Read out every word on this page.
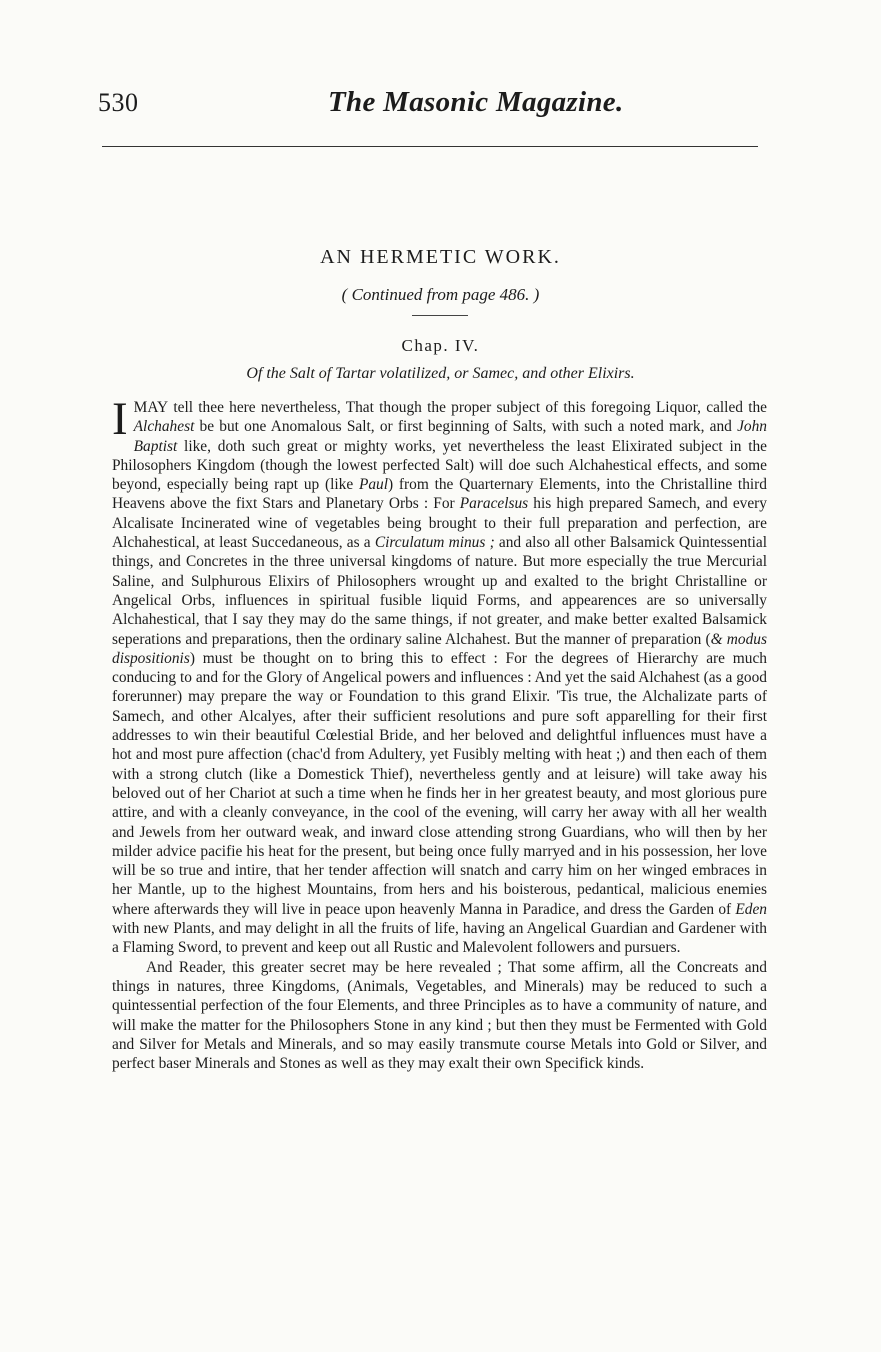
530	The Masonic Magazine.
AN HERMETIC WORK.
( Continued from page 486. )
Chap. IV.
Of the Salt of Tartar volatilized, or Samec, and other Elixirs.

IMAY tell thee here nevertheless, That though the proper subject of this foregoing Liquor, called the Alchahest be but one Anomalous Salt, or first beginning of Salts, with such a noted mark, and John Baptist like, doth such great or mighty works, yet nevertheless the least Elixirated subject in the Philosophers Kingdom (though the lowest perfected Salt) will doe such Alchahestical effects, and some beyond, especially being rapt up (like Paul) from the Quarternary Elements, into the Christalline third Heavens above the fixt Stars and Planetary Orbs : For Paracelsus his high prepared Samech, and every Alcalisate Incinerated wine of vegetables being brought to their full preparation and perfection, are Alchahestical, at least Succedaneous, as a Circulatum minus ; and also all other Balsamick Quintessential things, and Concretes in the three universal kingdoms of nature. But more especially the true Mercurial Saline, and Sulphurous Elixirs of Philosophers wrought up and exalted to the bright Christalline or Angelical Orbs, influences in spiritual fusible liquid Forms, and appearences are so universally Alchahestical, that I say they may do the same things, if not greater, and make better exalted Balsamick seperations and preparations, then the ordinary saline Alchahest. But the manner of preparation (& modus dispositionis) must be thought on to bring this to effect : For the degrees of Hierarchy are much conducing to and for the Glory of Angelical powers and influences : And yet the said Alchahest (as a good forerunner) may prepare the way or Foundation to this grand Elixir. 'Tis true, the Alchalizate parts of Samech, and other Alcalyes, after their sufficient resolutions and pure soft apparelling for their first addresses to win their beautiful Cœlestial Bride, and her beloved and delightful influences must have a hot and most pure affection (chac'd from Adultery, yet Fusibly melting with heat ;) and then each of them with a strong clutch (like a Domestick Thief), nevertheless gently and at leisure) will take away his beloved out of her Chariot at such a time when he finds her in her greatest beauty, and most glorious pure attire, and with a cleanly conveyance, in the cool of the evening, will carry her away with all her wealth and Jewels from her outward weak, and inward close attending strong Guardians, who will then by her milder advice pacifie his heat for the present, but being once fully marryed and in his possession, her love will be so true and intire, that her tender affection will snatch and carry him on her winged embraces in her Mantle, up to the highest Mountains, from hers and his boisterous, pedantical, malicious enemies where afterwards they will live in peace upon heavenly Manna in Paradice, and dress the Garden of Eden with new Plants, and may delight in all the fruits of life, having an Angelical Guardian and Gardener with a Flaming Sword, to prevent and keep out all Rustic and Malevolent followers and pursuers.

And Reader, this greater secret may be here revealed ; That some affirm, all the Concreats and things in natures, three Kingdoms, (Animals, Vegetables, and Minerals) may be reduced to such a quintessential perfection of the four Elements, and three Principles as to have a community of nature, and will make the matter for the Philosophers Stone in any kind ; but then they must be Fermented with Gold and Silver for Metals and Minerals, and so may easily transmute course Metals into Gold or Silver, and perfect baser Minerals and Stones as well as they may exalt their own Specifick kinds.
